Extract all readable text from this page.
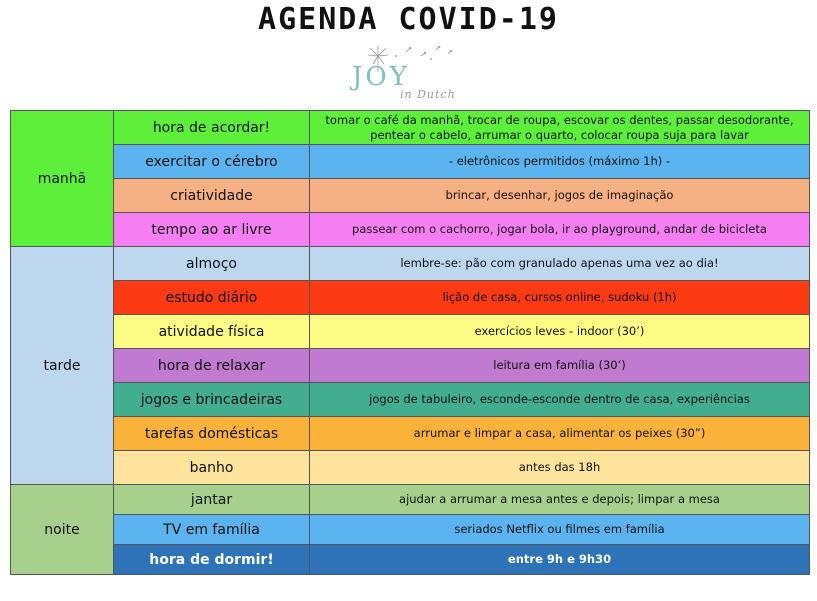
AGENDA COVID-19
JOY
in Dutch
manhã	hora de acordar!	tomar o café da manhã, trocar de roupa, escovar os dentes, passar desodorante, pentear o cabelo, arrumar o quarto, colocar roupa suja para lavar
	exercitar o cérebro	- eletrônicos permitidos (máximo 1h) -
	criatividade	brincar, desenhar, jogos de imaginação
	tempo ao ar livre	passear com o cachorro, jogar bola, ir ao playground, andar de bicicleta
tarde	almoço	lembre-se: pão com granulado apenas uma vez ao dia!
	estudo diário	lição de casa, cursos online, sudoku (1h)
	atividade física	exercícios leves - indoor (30’)
	hora de relaxar	leitura em família (30’)
	jogos e brincadeiras	jogos de tabuleiro, esconde-esconde dentro de casa, experiências
	tarefas domésticas	arrumar e limpar a casa, alimentar os peixes (30”)
	banho	antes das 18h
noite	jantar	ajudar a arrumar a mesa antes e depois; limpar a mesa
	TV em família	seriados Netflix ou filmes em família
	hora de dormir!	entre 9h e 9h30
